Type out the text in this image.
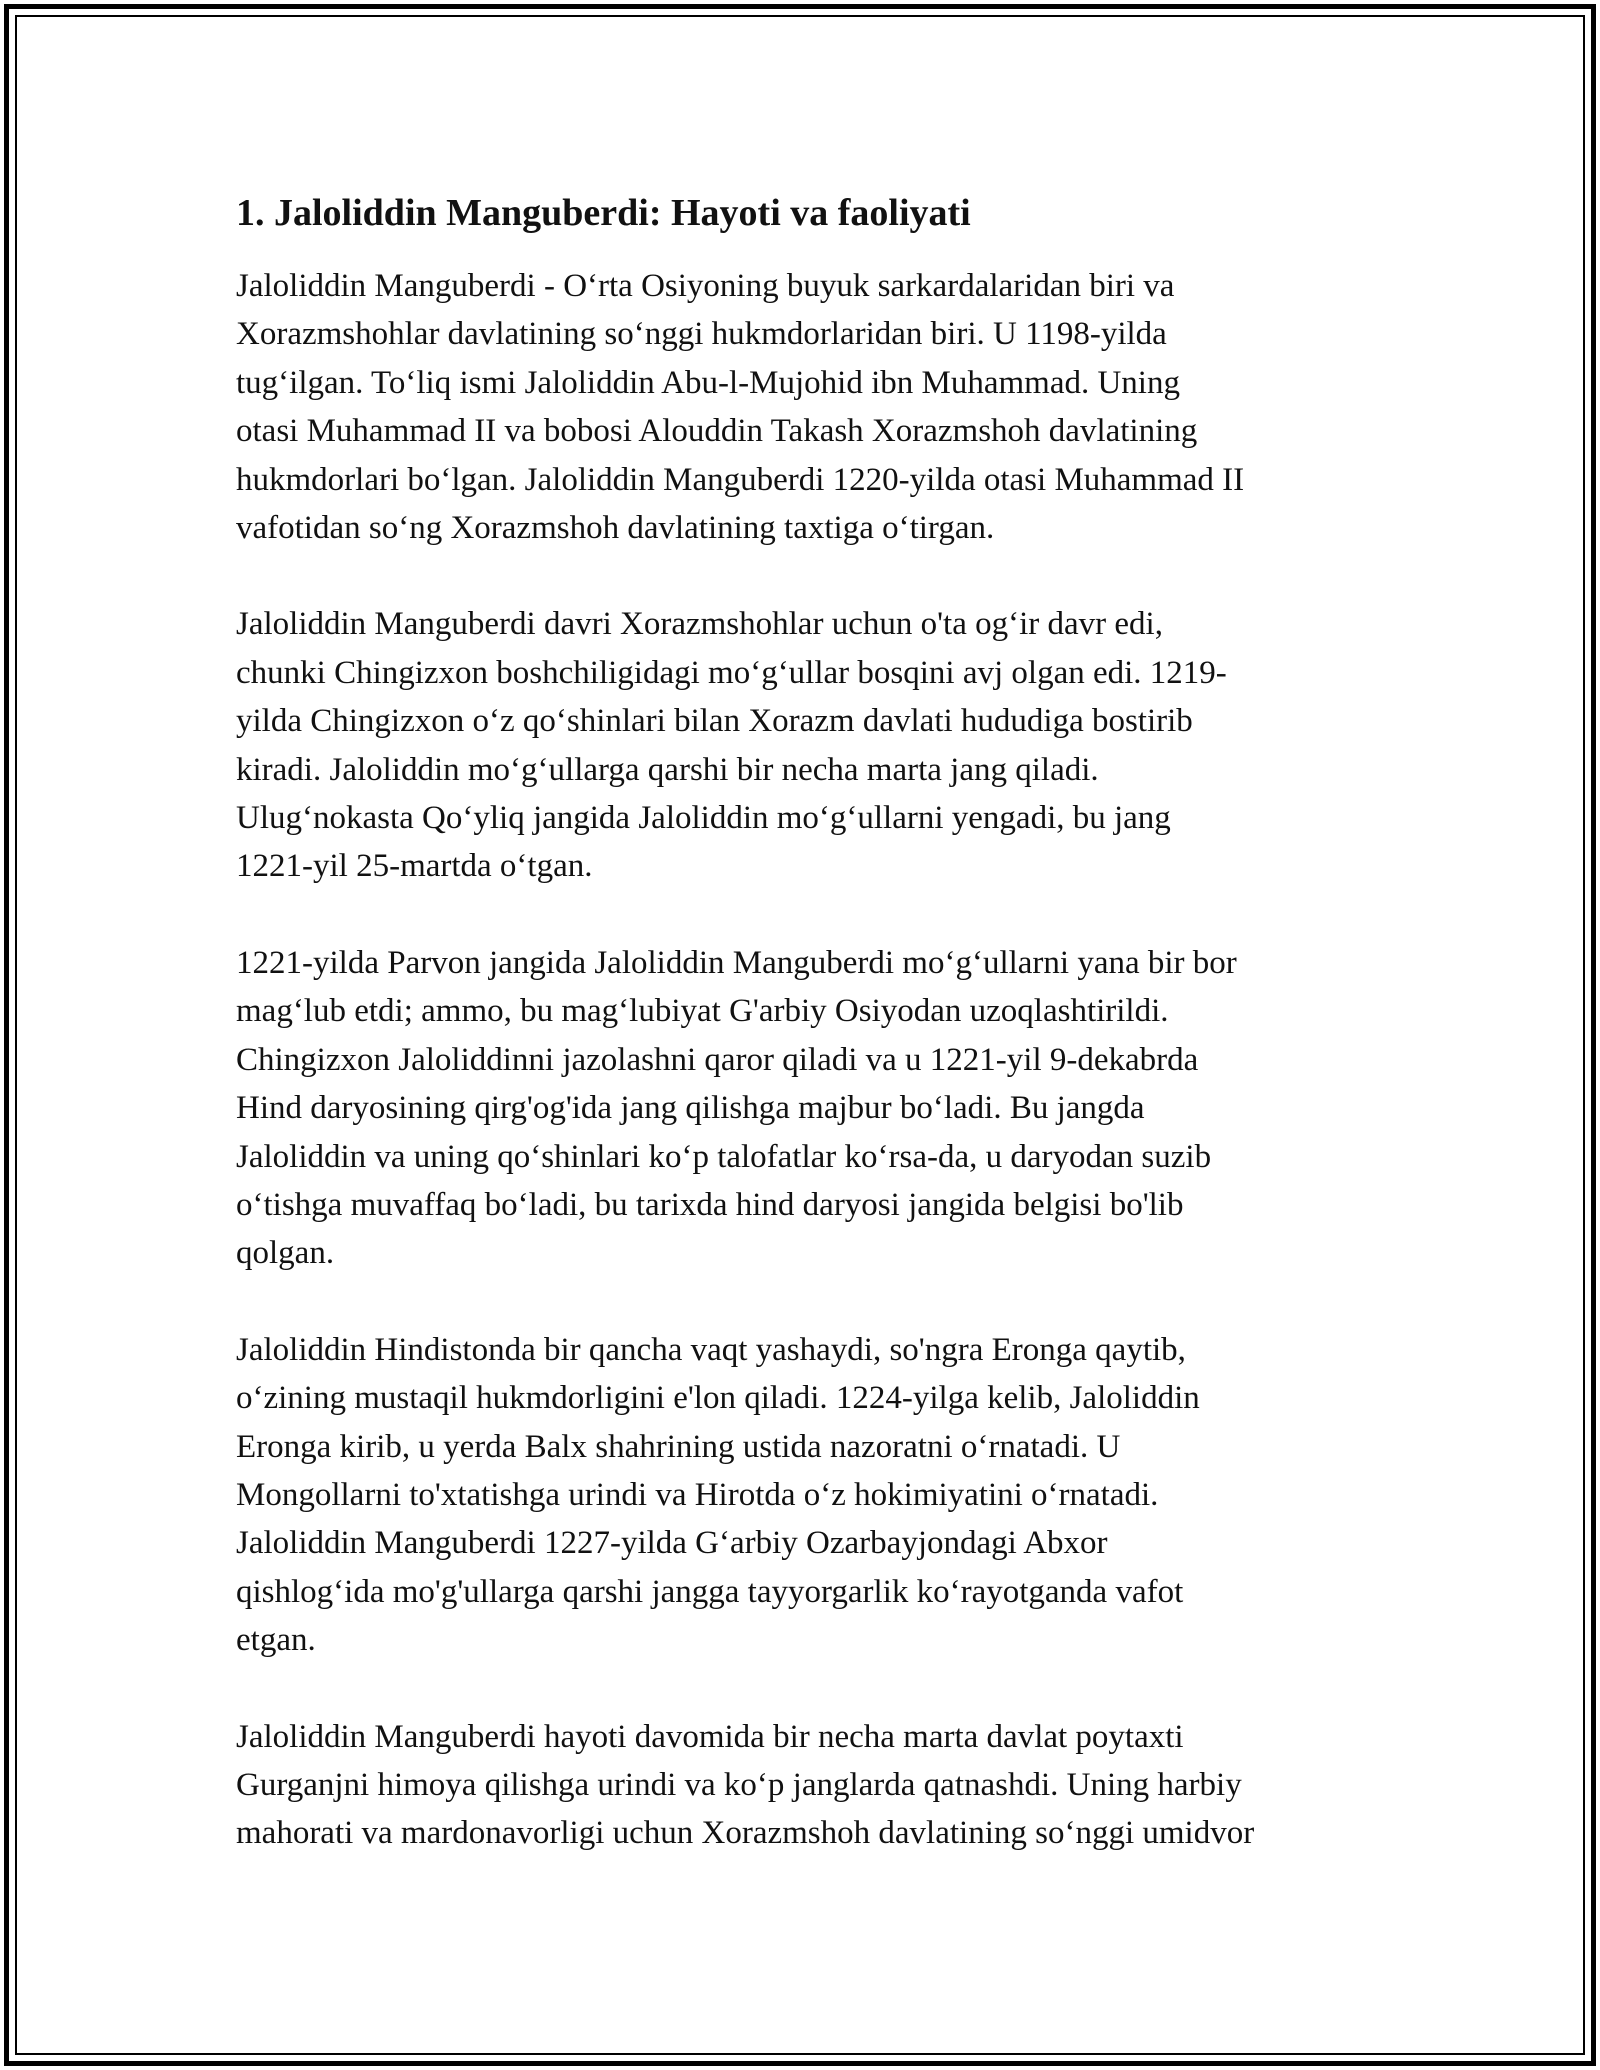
1. Jaloliddin Manguberdi: Hayoti va faoliyati

Jaloliddin Manguberdi - O‘rta Osiyoning buyuk sarkardalaridan biri va
Xorazmshohlar davlatining so‘nggi hukmdorlaridan biri. U 1198-yilda
tug‘ilgan. To‘liq ismi Jaloliddin Abu-l-Mujohid ibn Muhammad. Uning
otasi Muhammad II va bobosi Alouddin Takash Xorazmshoh davlatining
hukmdorlari bo‘lgan. Jaloliddin Manguberdi 1220-yilda otasi Muhammad II
vafotidan so‘ng Xorazmshoh davlatining taxtiga o‘tirgan.

Jaloliddin Manguberdi davri Xorazmshohlar uchun o'ta og‘ir davr edi,
chunki Chingizxon boshchiligidagi mo‘g‘ullar bosqini avj olgan edi. 1219-
yilda Chingizxon o‘z qo‘shinlari bilan Xorazm davlati hududiga bostirib
kiradi. Jaloliddin mo‘g‘ullarga qarshi bir necha marta jang qiladi.
Ulug‘nokasta Qo‘yliq jangida Jaloliddin mo‘g‘ullarni yengadi, bu jang
1221-yil 25-martda o‘tgan.

1221-yilda Parvon jangida Jaloliddin Manguberdi mo‘g‘ullarni yana bir bor
mag‘lub etdi; ammo, bu mag‘lubiyat G'arbiy Osiyodan uzoqlashtirildi.
Chingizxon Jaloliddinni jazolashni qaror qiladi va u 1221-yil 9-dekabrda
Hind daryosining qirg'og'ida jang qilishga majbur bo‘ladi. Bu jangda
Jaloliddin va uning qo‘shinlari ko‘p talofatlar ko‘rsa-da, u daryodan suzib
o‘tishga muvaffaq bo‘ladi, bu tarixda hind daryosi jangida belgisi bo'lib
qolgan.

Jaloliddin Hindistonda bir qancha vaqt yashaydi, so'ngra Eronga qaytib,
o‘zining mustaqil hukmdorligini e'lon qiladi. 1224-yilga kelib, Jaloliddin
Eronga kirib, u yerda Balx shahrining ustida nazoratni o‘rnatadi. U
Mongollarni to'xtatishga urindi va Hirotda o‘z hokimiyatini o‘rnatadi.
Jaloliddin Manguberdi 1227-yilda G‘arbiy Ozarbayjondagi Abxor
qishlog‘ida mo'g'ullarga qarshi jangga tayyorgarlik ko‘rayotganda vafot
etgan.

Jaloliddin Manguberdi hayoti davomida bir necha marta davlat poytaxti
Gurganjni himoya qilishga urindi va ko‘p janglarda qatnashdi. Uning harbiy
mahorati va mardonavorligi uchun Xorazmshoh davlatining so‘nggi umidvor
